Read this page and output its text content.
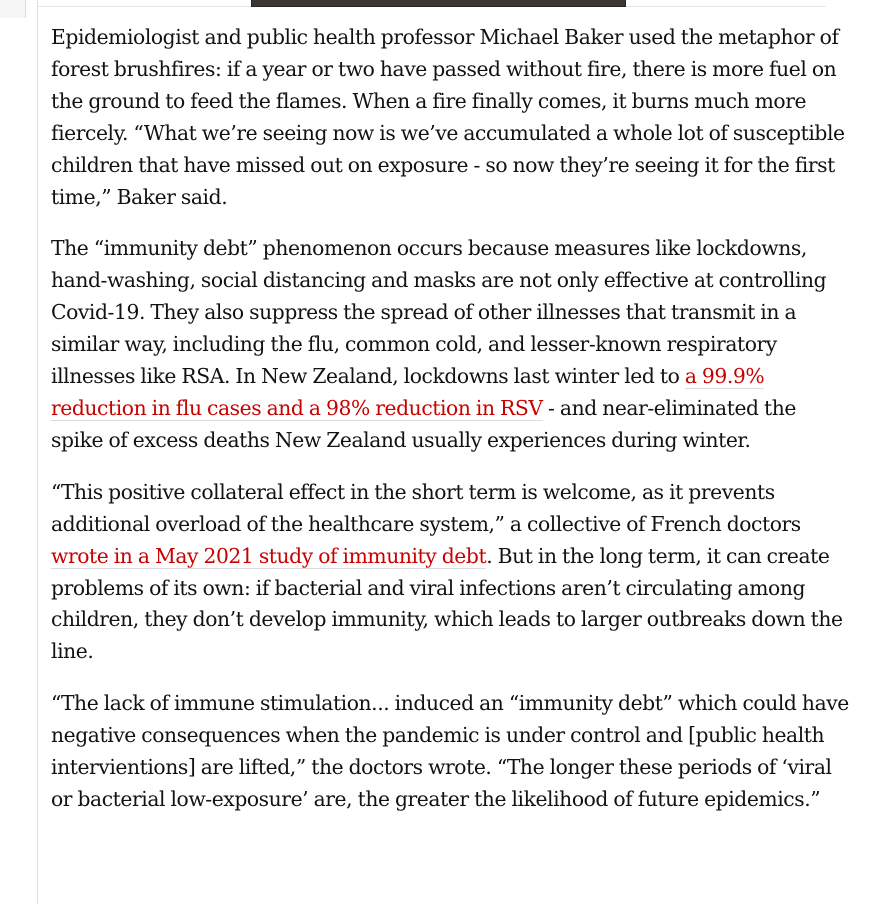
Epidemiologist and public health professor Michael Baker used the metaphor of forest brushfires: if a year or two have passed without fire, there is more fuel on the ground to feed the flames. When a fire finally comes, it burns much more fiercely. “What we’re seeing now is we’ve accumulated a whole lot of susceptible children that have missed out on exposure - so now they’re seeing it for the first time,” Baker said.

The “immunity debt” phenomenon occurs because measures like lockdowns, hand-washing, social distancing and masks are not only effective at controlling Covid-19. They also suppress the spread of other illnesses that transmit in a similar way, including the flu, common cold, and lesser-known respiratory illnesses like RSA. In New Zealand, lockdowns last winter led to a 99.9% reduction in flu cases and a 98% reduction in RSV - and near-eliminated the spike of excess deaths New Zealand usually experiences during winter.

“This positive collateral effect in the short term is welcome, as it prevents additional overload of the healthcare system,” a collective of French doctors wrote in a May 2021 study of immunity debt. But in the long term, it can create problems of its own: if bacterial and viral infections aren’t circulating among children, they don’t develop immunity, which leads to larger outbreaks down the line.

“The lack of immune stimulation... induced an “immunity debt” which could have negative consequences when the pandemic is under control and [public health intervientions] are lifted,” the doctors wrote. “The longer these periods of ‘viral or bacterial low-exposure’ are, the greater the likelihood of future epidemics.”
